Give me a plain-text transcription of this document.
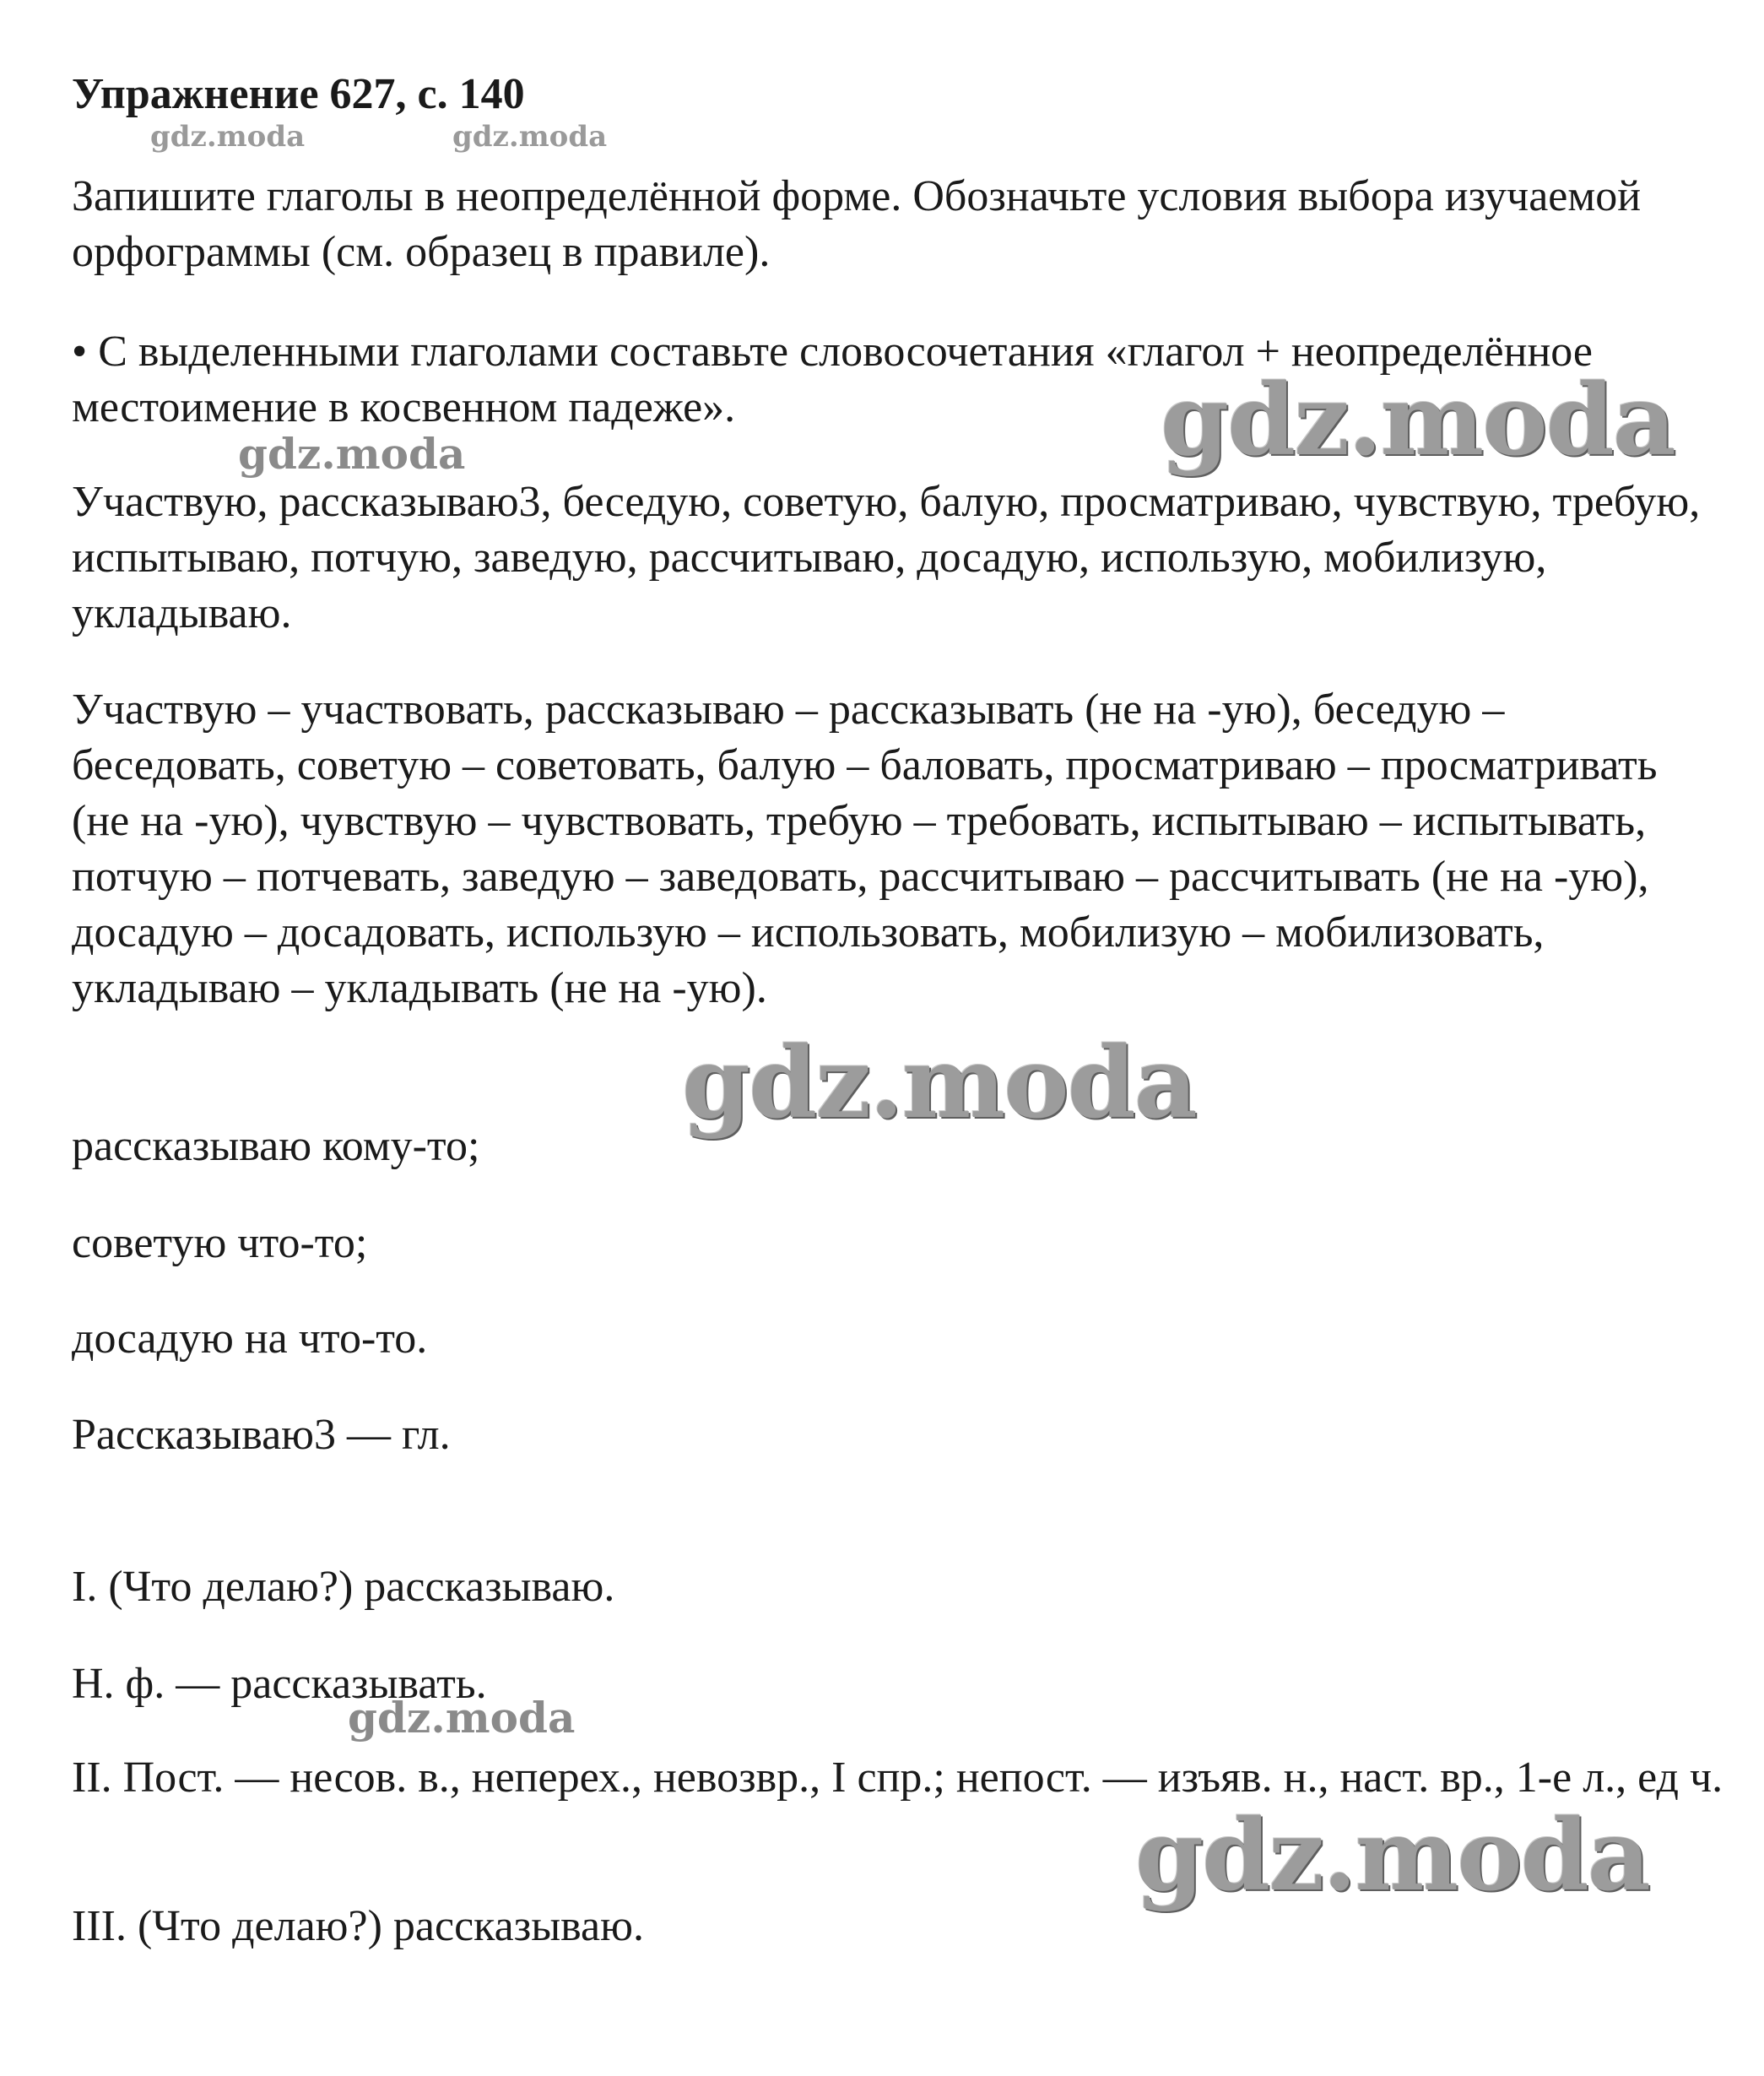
Упражнение 627, с. 140
gdz.moda	gdz.moda

Запишите глаголы в неопределённой форме. Обозначьте условия выбора изучаемой орфограммы (см. образец в правиле).

• С выделенными глаголами составьте словосочетания «глагол + неопределённое местоимение в косвенном падеже».	gdz.moda
gdz.moda

Участвую, рассказываю3, беседую, советую, балую, просматриваю, чувствую, требую, испытываю, потчую, заведую, рассчитываю, досадую, использую, мобилизую, укладываю.

Участвую – участвовать, рассказываю – рассказывать (не на -ую), беседую – беседовать, советую – советовать, балую – баловать, просматриваю – просматривать (не на -ую), чувствую – чувствовать, требую – требовать, испытываю – испытывать, потчую – потчевать, заведую – заведовать, рассчитываю – рассчитывать (не на -ую), досадую – досадовать, использую – использовать, мобилизую – мобилизовать, укладываю – укладывать (не на -ую).

gdz.moda

рассказываю кому-то;

советую что-то;

досадую на что-то.

Рассказываю3 — гл.

I. (Что делаю?) рассказываю.

Н. ф. — рассказывать.

gdz.moda

II. Пост. — несов. в., неперех., невозвр., I спр.; непост. — изъяв. н., наст. вр., 1-е л., ед ч.

gdz.moda

III. (Что делаю?) рассказываю.
